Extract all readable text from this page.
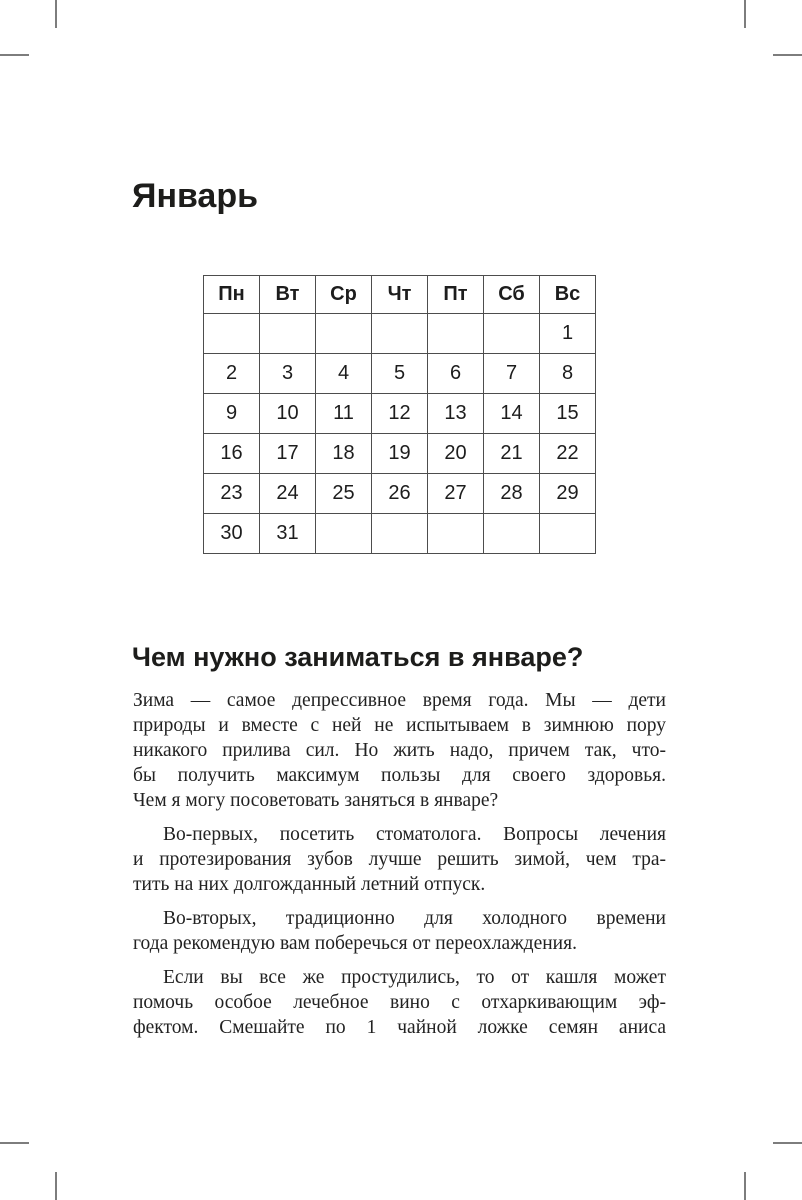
Январь
Пн	Вт	Ср	Чт	Пт	Сб	Вс
						1
2	3	4	5	6	7	8
9	10	11	12	13	14	15
16	17	18	19	20	21	22
23	24	25	26	27	28	29
30	31					
Чем нужно заниматься в январе?
Зима — самое депрессивное время года. Мы — дети
природы и вместе с ней не испытываем в зимнюю пору
никакого прилива сил. Но жить надо, причем так, что-
бы получить максимум пользы для своего здоровья.
Чем я могу посоветовать заняться в январе?
Во-первых, посетить стоматолога. Вопросы лечения
и протезирования зубов лучше решить зимой, чем тра-
тить на них долгожданный летний отпуск.
Во-вторых, традиционно для холодного времени
года рекомендую вам поберечься от переохлаждения.
Если вы все же простудились, то от кашля может
помочь особое лечебное вино с отхаркивающим эф-
фектом. Смешайте по 1 чайной ложке семян аниса
